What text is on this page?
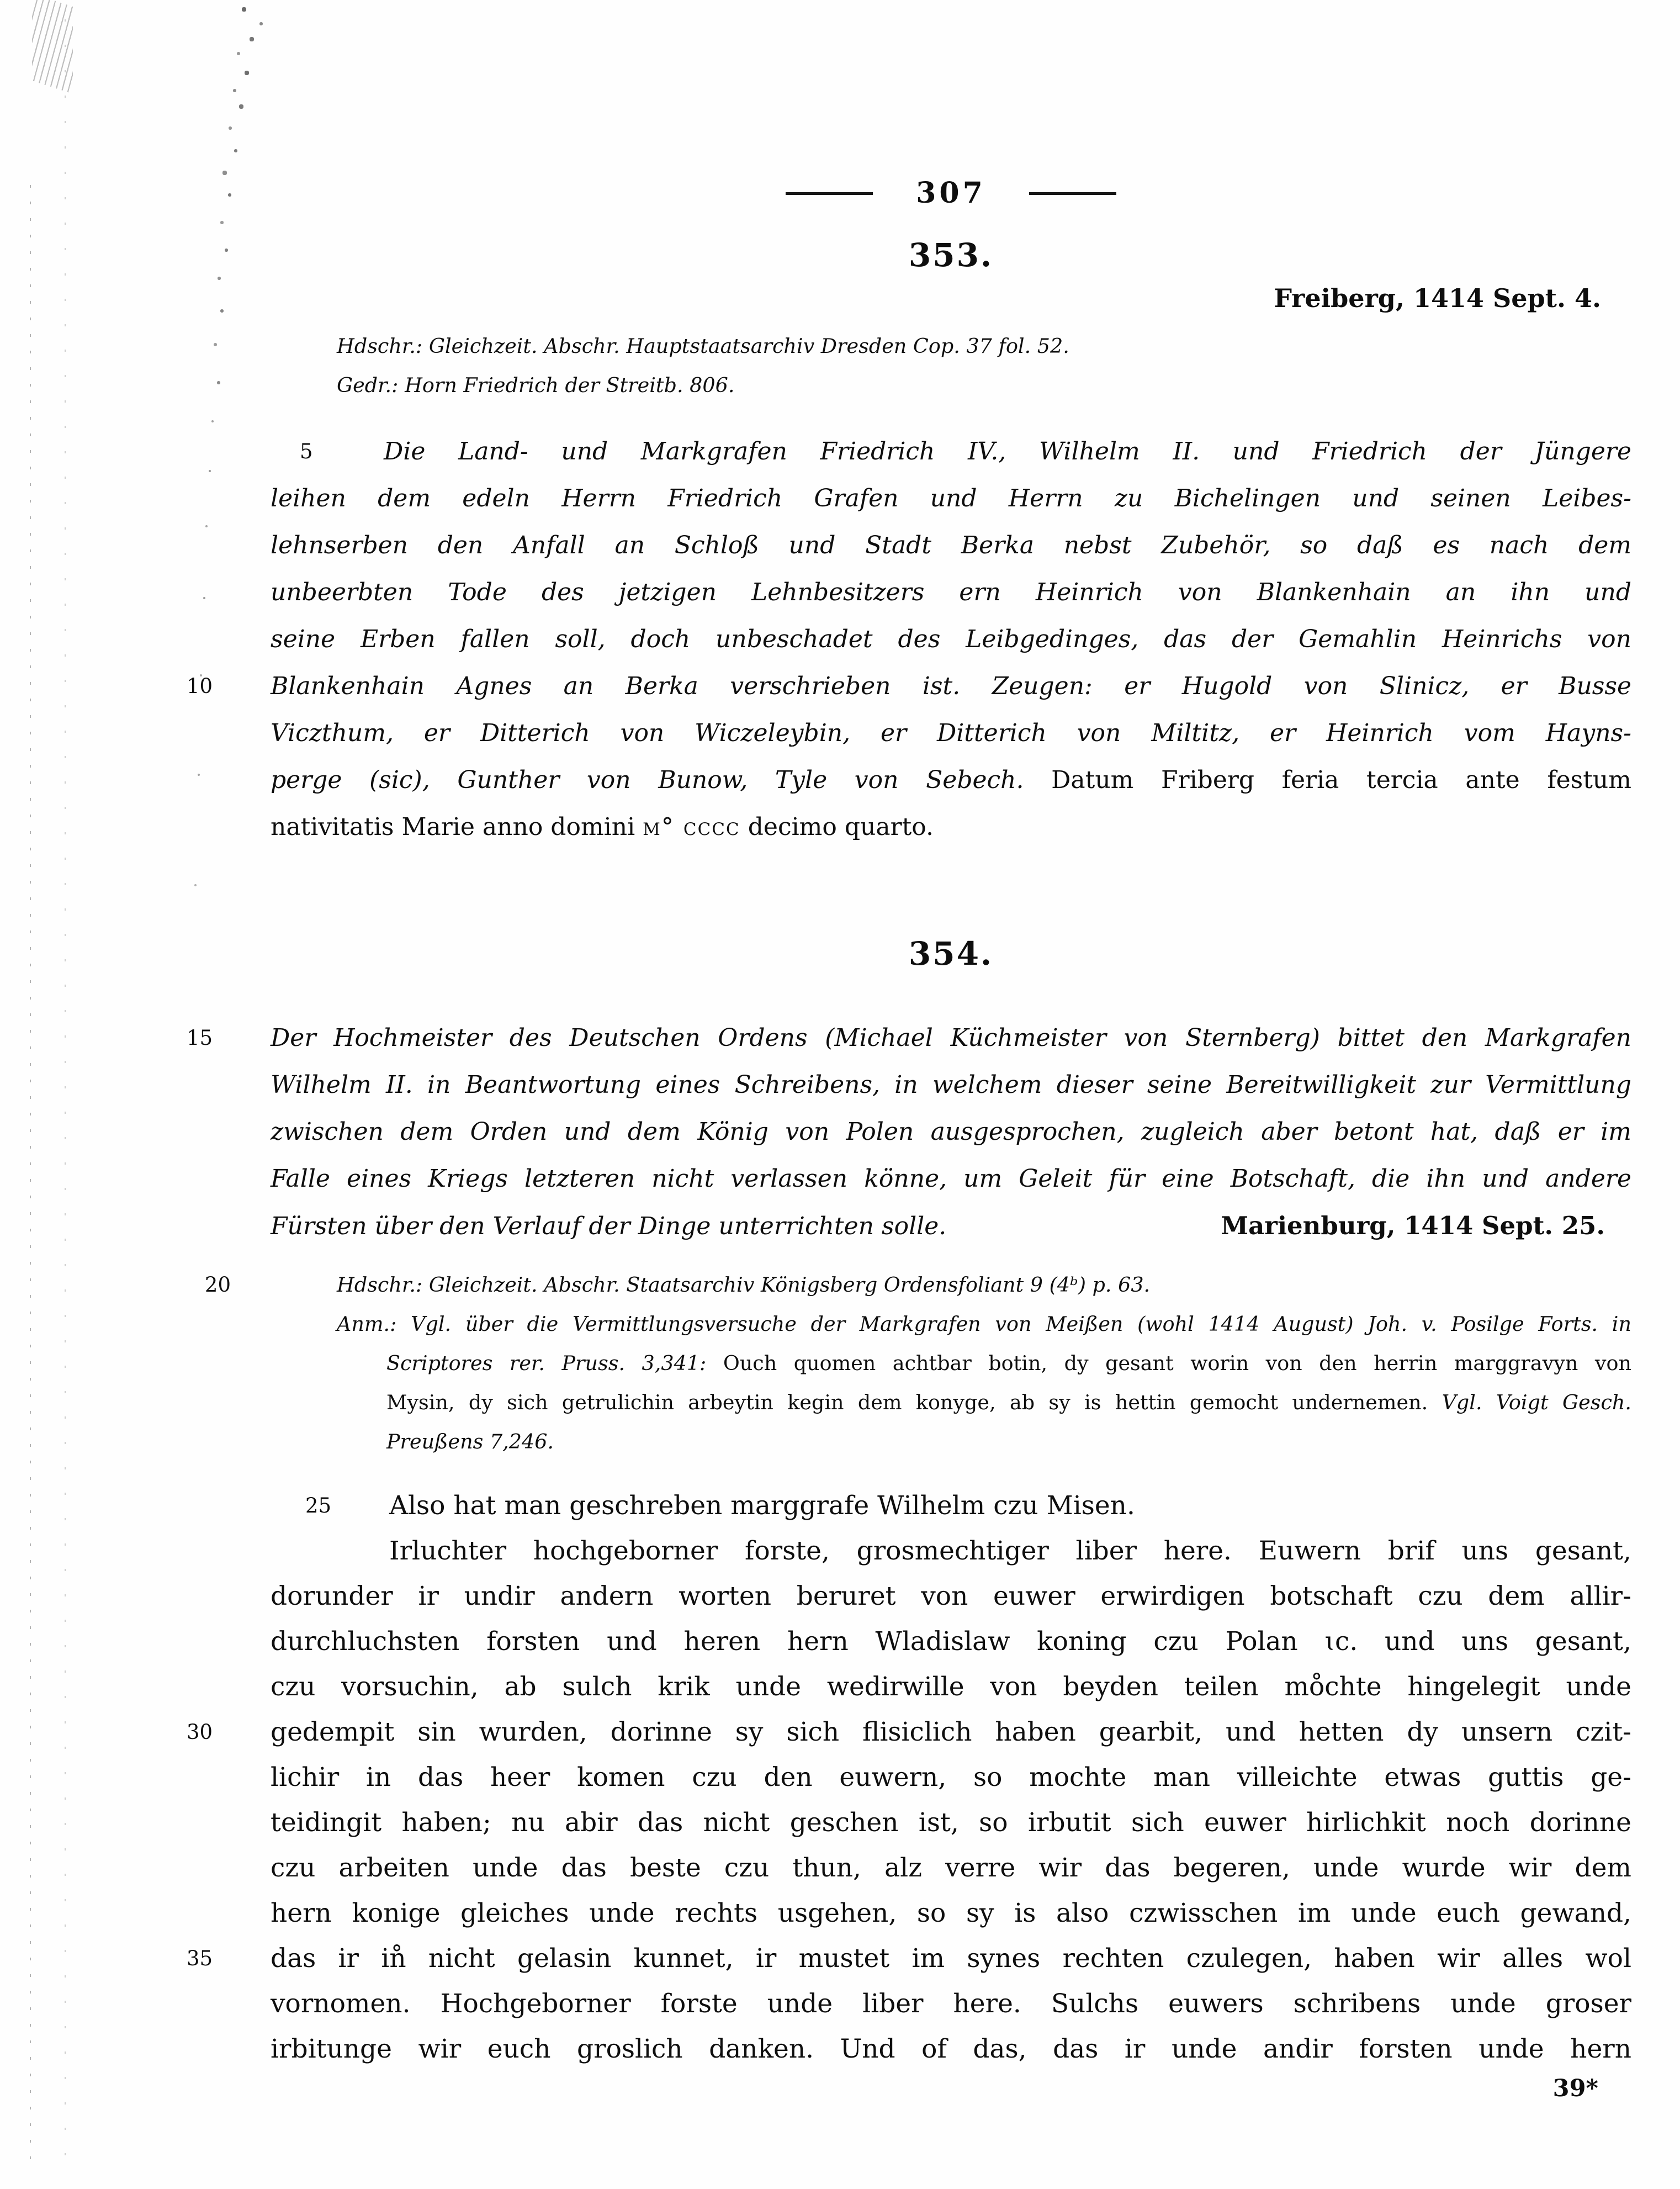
307
353.
Freiberg, 1414 Sept. 4.
Hdschr.: Gleichzeit. Abschr. Hauptstaatsarchiv Dresden Cop. 37 fol. 52.
Gedr.: Horn Friedrich der Streitb. 806.
5	Die Land- und Markgrafen Friedrich IV., Wilhelm II. und Friedrich der Jüngere
leihen dem edeln Herrn Friedrich Grafen und Herrn zu Bichelingen und seinen Leibes-
lehnserben den Anfall an Schloß und Stadt Berka nebst Zubehör, so daß es nach dem
unbeerbten Tode des jetzigen Lehnbesitzers ern Heinrich von Blankenhain an ihn und
seine Erben fallen soll, doch unbeschadet des Leibgedinges, das der Gemahlin Heinrichs von
10	Blankenhain Agnes an Berka verschrieben ist. Zeugen: er Hugold von Slinicz, er Busse
Viczthum, er Ditterich von Wiczeleybin, er Ditterich von Miltitz, er Heinrich vom Hayns-
perge (sic), Gunther von Bunow, Tyle von Sebech. Datum Friberg feria tercia ante festum
nativitatis Marie anno domini m° cccc decimo quarto.
354.
15	Der Hochmeister des Deutschen Ordens (Michael Küchmeister von Sternberg) bittet den Markgrafen
Wilhelm II. in Beantwortung eines Schreibens, in welchem dieser seine Bereitwilligkeit zur Vermittlung
zwischen dem Orden und dem König von Polen ausgesprochen, zugleich aber betont hat, daß er im
Falle eines Kriegs letzteren nicht verlassen könne, um Geleit für eine Botschaft, die ihn und andere
Fürsten über den Verlauf der Dinge unterrichten solle.	Marienburg, 1414 Sept. 25.
20	Hdschr.: Gleichzeit. Abschr. Staatsarchiv Königsberg Ordensfoliant 9 (4ᵇ) p. 63.
Anm.: Vgl. über die Vermittlungsversuche der Markgrafen von Meißen (wohl 1414 August) Joh. v. Posilge Forts. in
Scriptores rer. Pruss. 3,341: Ouch quomen achtbar botin, dy gesant worin von den herrin marggravyn von
Mysin, dy sich getrulichin arbeytin kegin dem konyge, ab sy is hettin gemocht undernemen. Vgl. Voigt Gesch.
Preußens 7,246.
25 Also hat man geschreben marggrafe Wilhelm czu Misen.
Irluchter hochgeborner forste, grosmechtiger liber here. Euwern brif uns gesant,
dorunder ir undir andern worten beruret von euwer erwirdigen botschaft czu dem allir-
durchluchsten forsten und heren hern Wladislaw koning czu Polan ɩc. und uns gesant,
czu vorsuchin, ab sulch krik unde wedirwille von beyden teilen mo̊chte hingelegit unde
30	gedempit sin wurden, dorinne sy sich flisiclich haben gearbit, und hetten dy unsern czit-
lichir in das heer komen czu den euwern, so mochte man villeichte etwas guttis ge-
teidingit haben; nu abir das nicht geschen ist, so irbutit sich euwer hirlichkit noch dorinne
czu arbeiten unde das beste czu thun, alz verre wir das begeren, unde wurde wir dem
hern konige gleiches unde rechts usgehen, so sy is also czwisschen im unde euch gewand,
35	das ir in̊ nicht gelasin kunnet, ir mustet im synes rechten czulegen, haben wir alles wol
vornomen. Hochgeborner forste unde liber here. Sulchs euwers schribens unde groser
irbitunge wir euch groslich danken. Und of das, das ir unde andir forsten unde hern
39*
